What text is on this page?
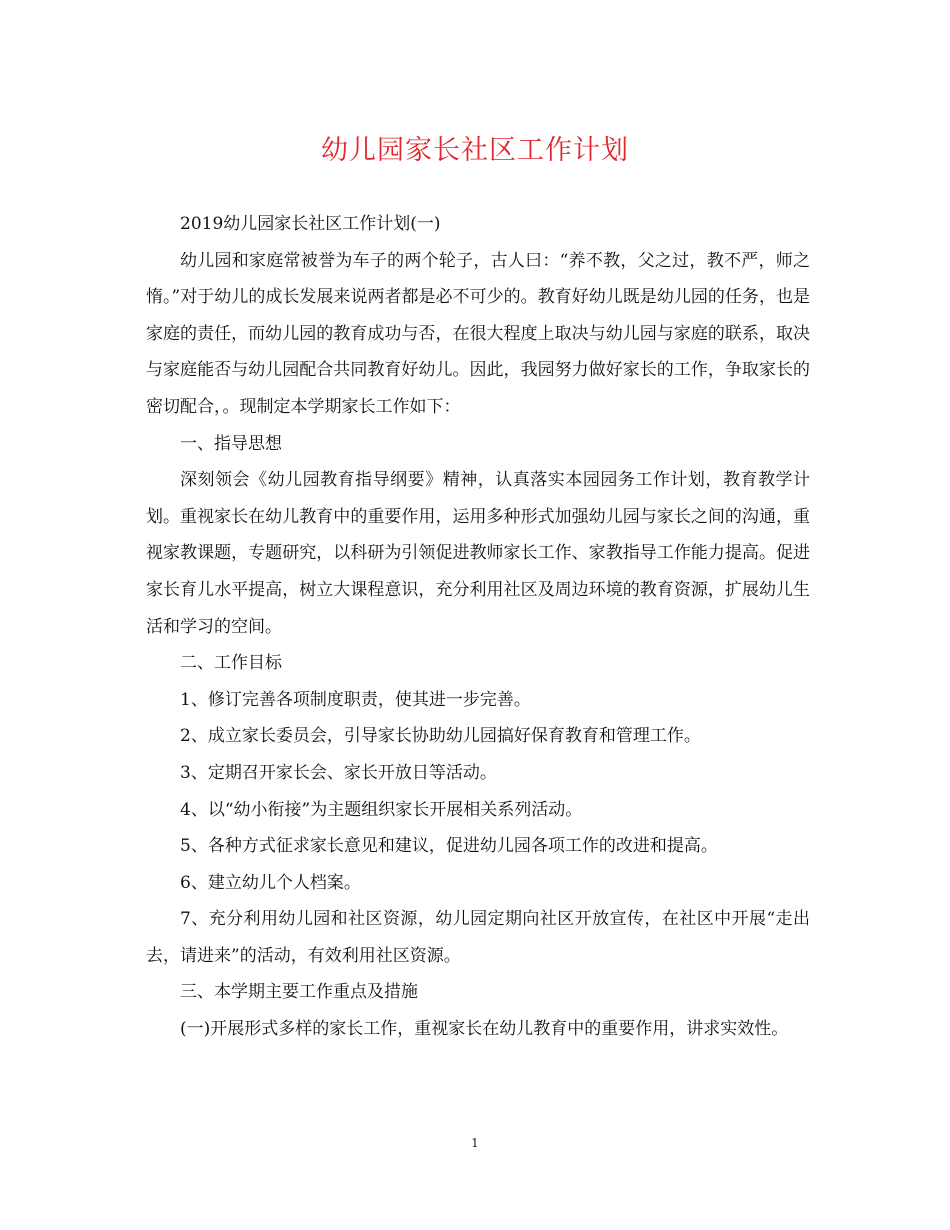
幼儿园家长社区工作计划

2019幼儿园家长社区工作计划(一)

幼儿园和家庭常被誉为车子的两个轮子，古人曰：“养不教，父之过，教不严，师之惰。”对于幼儿的成长发展来说两者都是必不可少的。教育好幼儿既是幼儿园的任务，也是家庭的责任，而幼儿园的教育成功与否，在很大程度上取决与幼儿园与家庭的联系，取决与家庭能否与幼儿园配合共同教育好幼儿。因此，我园努力做好家长的工作，争取家长的密切配合，。现制定本学期家长工作如下：

一、指导思想

深刻领会《幼儿园教育指导纲要》精神，认真落实本园园务工作计划，教育教学计划。重视家长在幼儿教育中的重要作用，运用多种形式加强幼儿园与家长之间的沟通，重视家教课题，专题研究，以科研为引领促进教师家长工作、家教指导工作能力提高。促进家长育儿水平提高，树立大课程意识，充分利用社区及周边环境的教育资源，扩展幼儿生活和学习的空间。

二、工作目标

1、修订完善各项制度职责，使其进一步完善。

2、成立家长委员会，引导家长协助幼儿园搞好保育教育和管理工作。

3、定期召开家长会、家长开放日等活动。

4、以“幼小衔接”为主题组织家长开展相关系列活动。

5、各种方式征求家长意见和建议，促进幼儿园各项工作的改进和提高。

6、建立幼儿个人档案。

7、充分利用幼儿园和社区资源，幼儿园定期向社区开放宣传，在社区中开展“走出去，请进来”的活动，有效利用社区资源。

三、本学期主要工作重点及措施

(一)开展形式多样的家长工作，重视家长在幼儿教育中的重要作用，讲求实效性。

1
